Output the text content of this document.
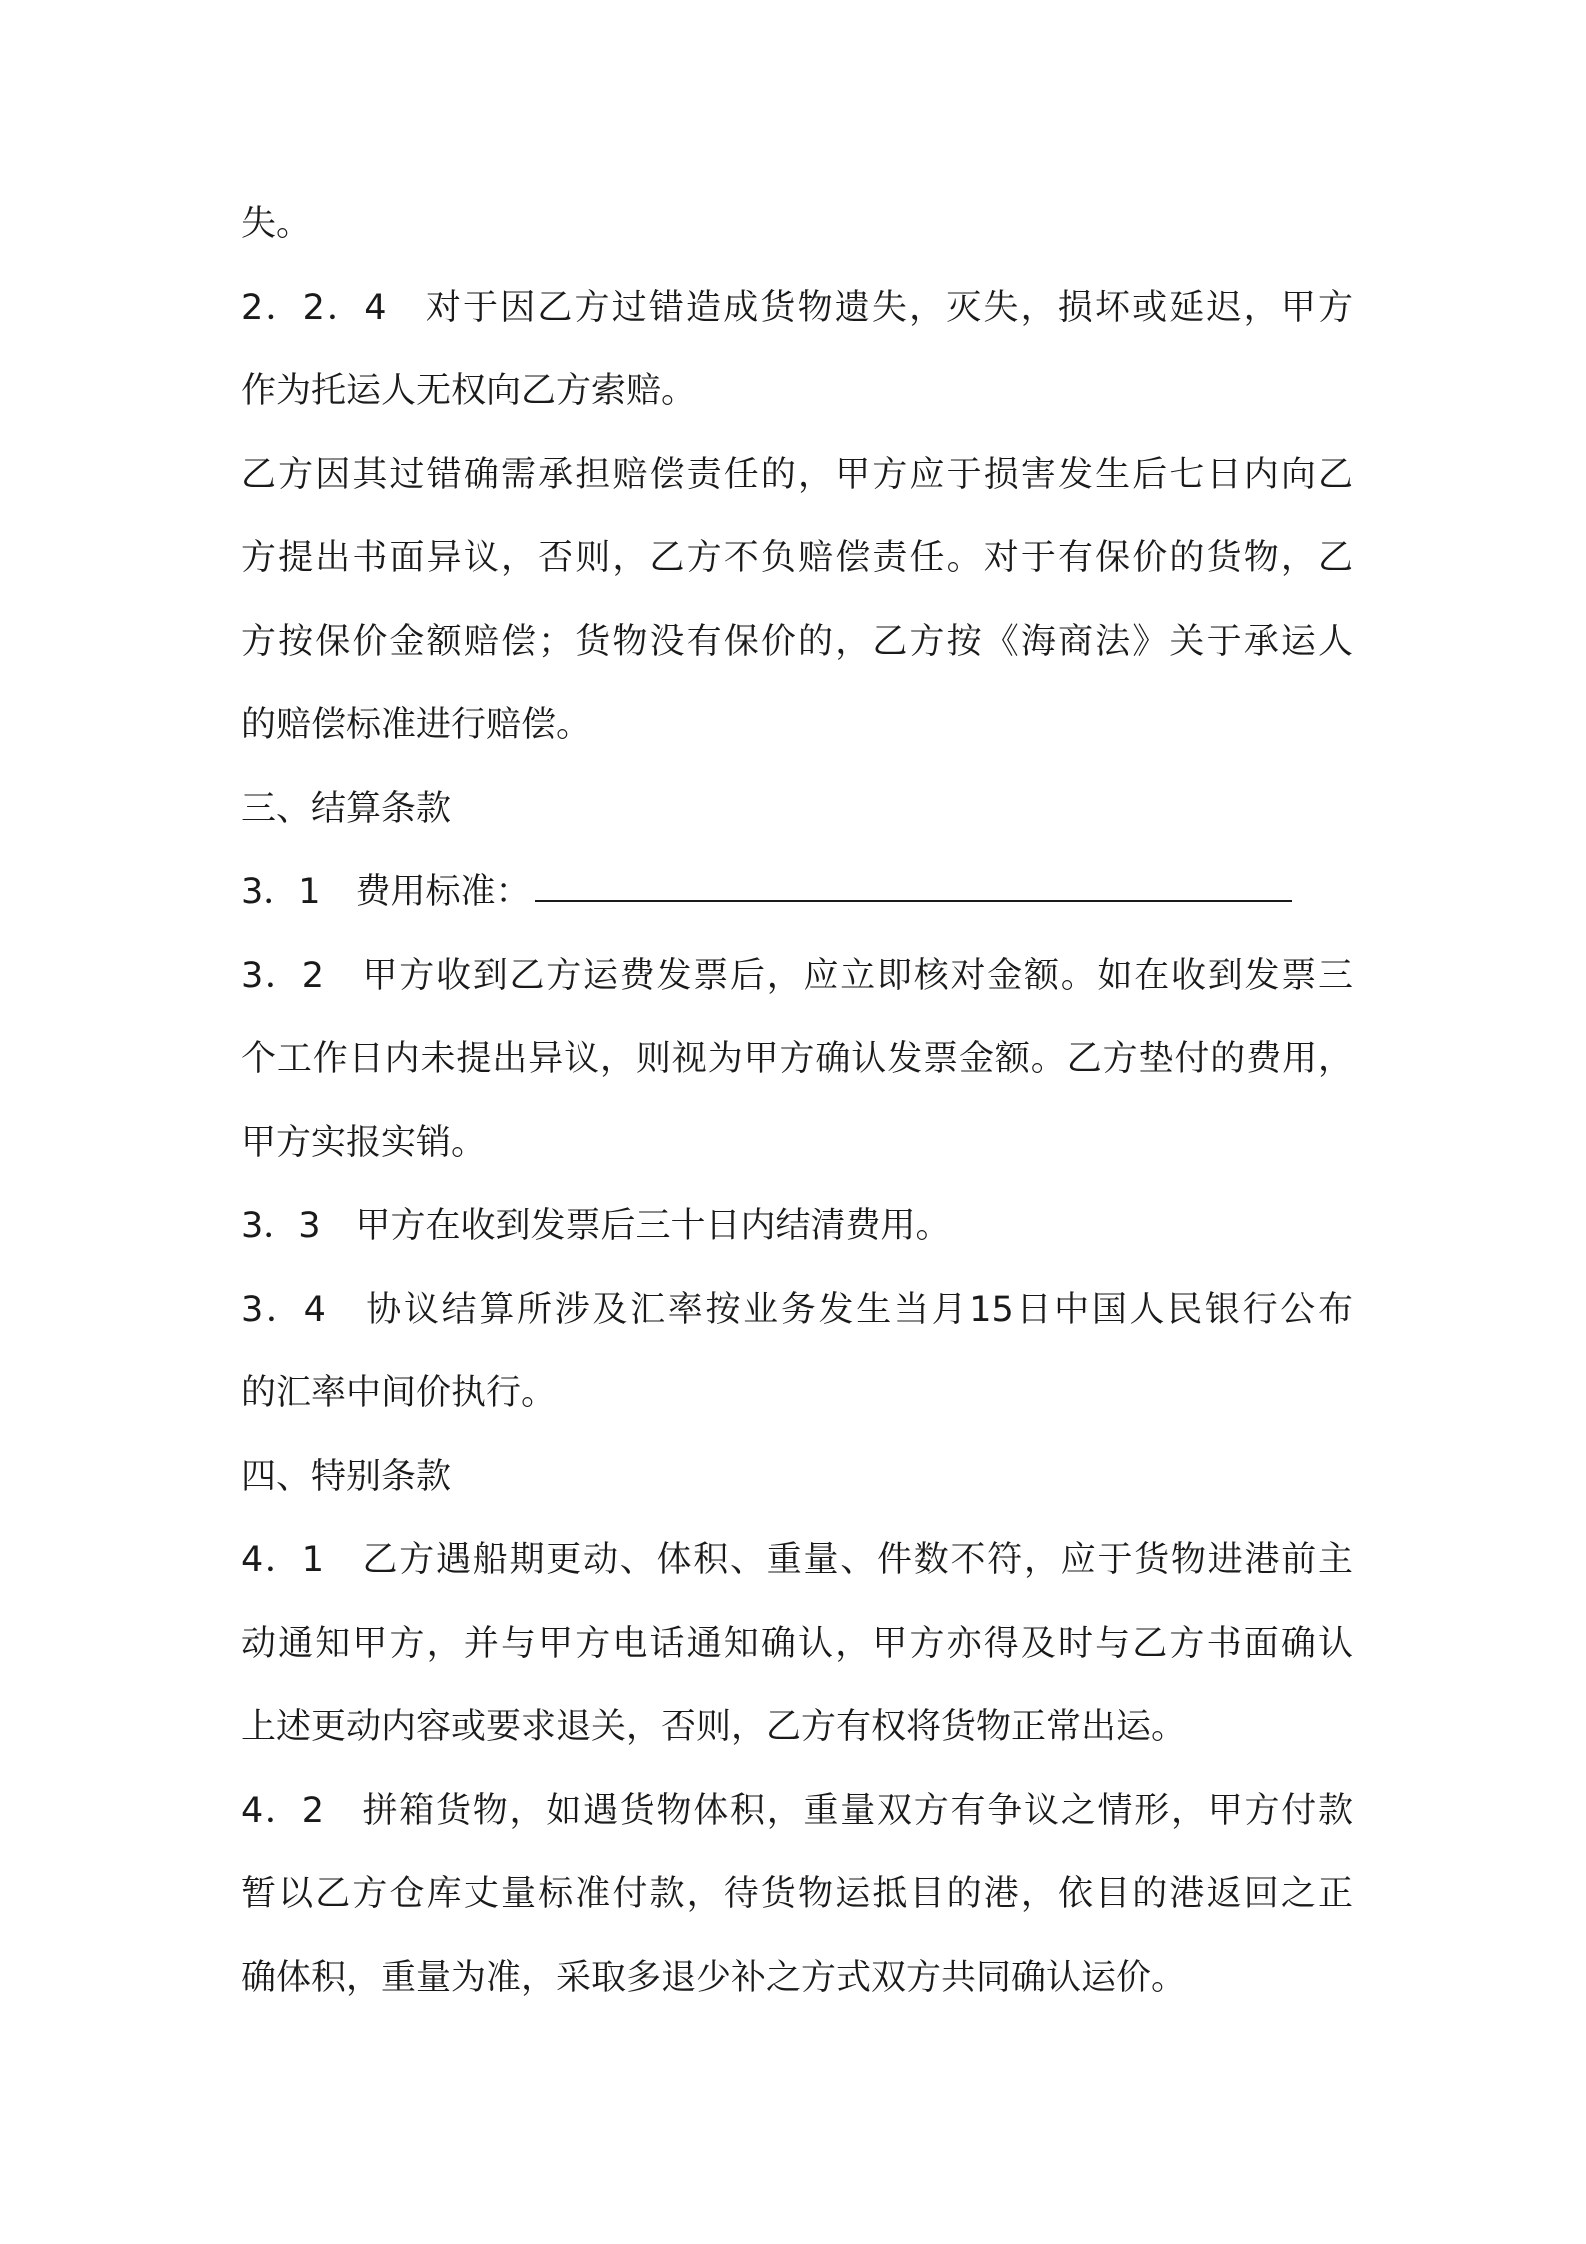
失。
2．2．4　对于因乙方过错造成货物遗失，灭失，损坏或延迟，甲方
作为托运人无权向乙方索赔。
乙方因其过错确需承担赔偿责任的，甲方应于损害发生后七日内向乙
方提出书面异议，否则，乙方不负赔偿责任。对于有保价的货物，乙
方按保价金额赔偿；货物没有保价的，乙方按《海商法》关于承运人
的赔偿标准进行赔偿。
三、结算条款
3．1　费用标准：
3．2　甲方收到乙方运费发票后，应立即核对金额。如在收到发票三
个工作日内未提出异议，则视为甲方确认发票金额。乙方垫付的费用，
甲方实报实销。
3．3　甲方在收到发票后三十日内结清费用。
3．4　协议结算所涉及汇率按业务发生当月15日中国人民银行公布
的汇率中间价执行。
四、特别条款
4．1　乙方遇船期更动、体积、重量、件数不符，应于货物进港前主
动通知甲方，并与甲方电话通知确认，甲方亦得及时与乙方书面确认
上述更动内容或要求退关，否则，乙方有权将货物正常出运。
4．2　拼箱货物，如遇货物体积，重量双方有争议之情形，甲方付款
暂以乙方仓库丈量标准付款，待货物运抵目的港，依目的港返回之正
确体积，重量为准，采取多退少补之方式双方共同确认运价。
